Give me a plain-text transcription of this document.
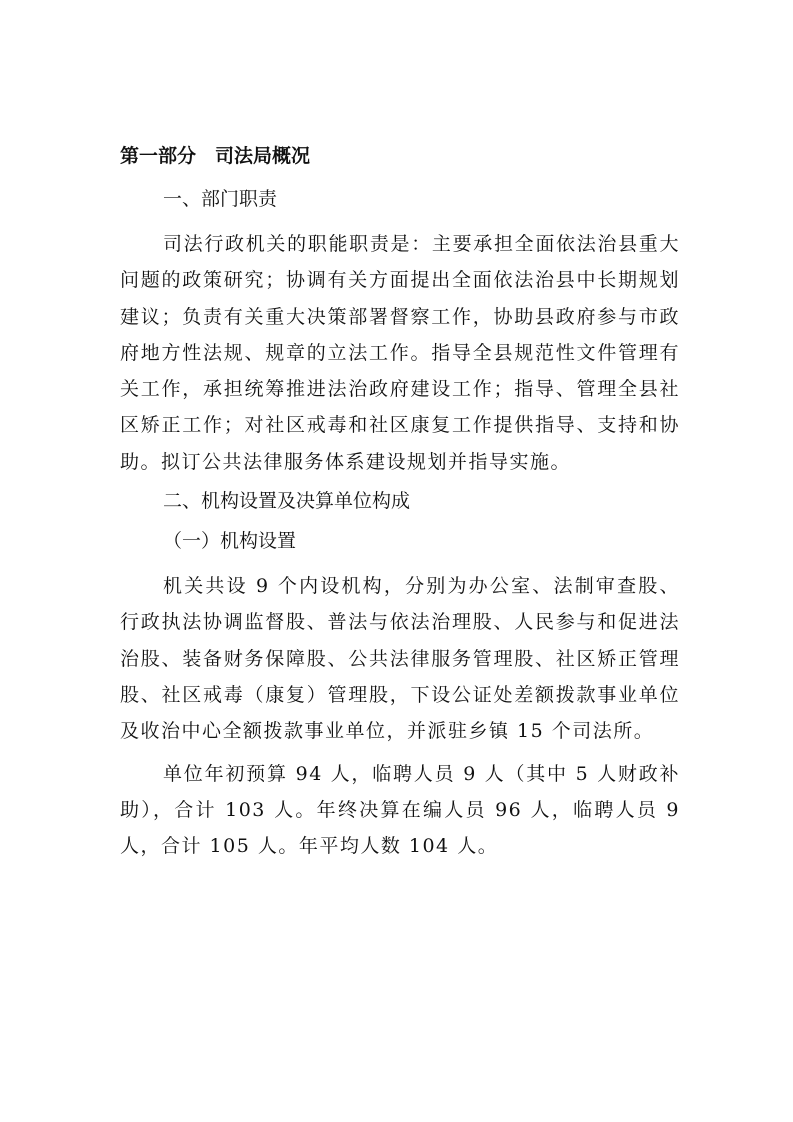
第一部分　司法局概况
一、部门职责

司法行政机关的职能职责是：主要承担全面依法治县重大问题的政策研究；协调有关方面提出全面依法治县中长期规划建议；负责有关重大决策部署督察工作，协助县政府参与市政府地方性法规、规章的立法工作。指导全县规范性文件管理有关工作，承担统筹推进法治政府建设工作；指导、管理全县社区矫正工作；对社区戒毒和社区康复工作提供指导、支持和协助。拟订公共法律服务体系建设规划并指导实施。

二、机构设置及决算单位构成
（一）机构设置

机关共设 9 个内设机构，分别为办公室、法制审查股、行政执法协调监督股、普法与依法治理股、人民参与和促进法治股、装备财务保障股、公共法律服务管理股、社区矫正管理股、社区戒毒（康复）管理股，下设公证处差额拨款事业单位及收治中心全额拨款事业单位，并派驻乡镇 15 个司法所。

单位年初预算 94 人，临聘人员 9 人（其中 5 人财政补助），合计 103 人。年终决算在编人员 96 人，临聘人员 9 人，合计 105 人。年平均人数 104 人。
